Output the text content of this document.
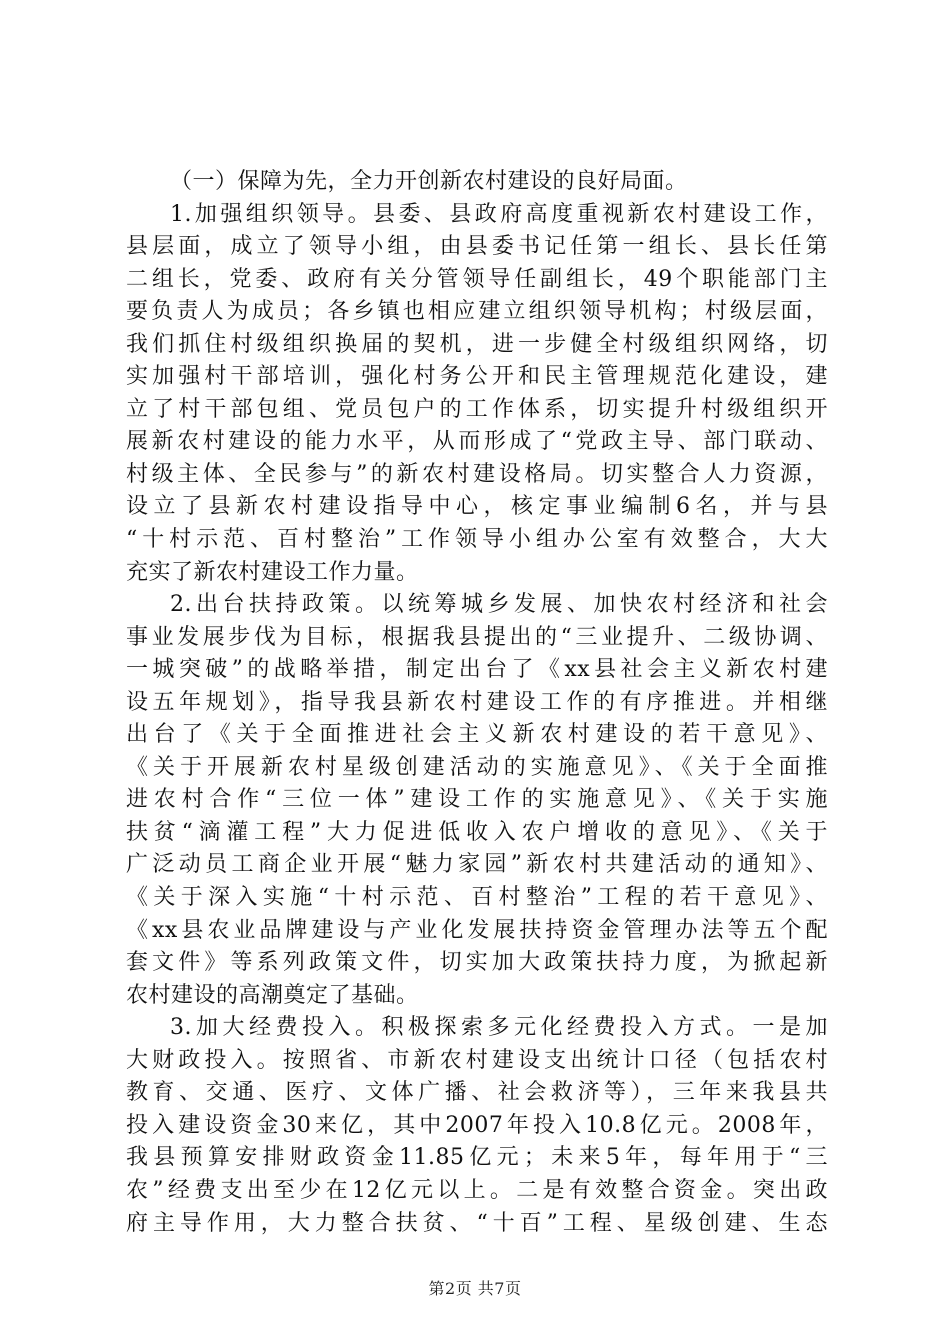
（一）保障为先，全力开创新农村建设的良好局面。
1.加强组织领导。县委、县政府高度重视新农村建设工作，
县层面，成立了领导小组，由县委书记任第一组长、县长任第
二组长，党委、政府有关分管领导任副组长，49个职能部门主
要负责人为成员；各乡镇也相应建立组织领导机构；村级层面，
我们抓住村级组织换届的契机，进一步健全村级组织网络，切
实加强村干部培训，强化村务公开和民主管理规范化建设，建
立了村干部包组、党员包户的工作体系，切实提升村级组织开
展新农村建设的能力水平，从而形成了“党政主导、部门联动、
村级主体、全民参与”的新农村建设格局。切实整合人力资源，
设立了县新农村建设指导中心，核定事业编制6名，并与县
“十村示范、百村整治”工作领导小组办公室有效整合，大大
充实了新农村建设工作力量。
2.出台扶持政策。以统筹城乡发展、加快农村经济和社会
事业发展步伐为目标，根据我县提出的“三业提升、二级协调、
一城突破”的战略举措，制定出台了《xx县社会主义新农村建
设五年规划》，指导我县新农村建设工作的有序推进。并相继
出台了《关于全面推进社会主义新农村建设的若干意见》、
《关于开展新农村星级创建活动的实施意见》、《关于全面推
进农村合作“三位一体”建设工作的实施意见》、《关于实施
扶贫“滴灌工程”大力促进低收入农户增收的意见》、《关于
广泛动员工商企业开展“魅力家园”新农村共建活动的通知》、
《关于深入实施“十村示范、百村整治”工程的若干意见》、
《xx县农业品牌建设与产业化发展扶持资金管理办法等五个配
套文件》等系列政策文件，切实加大政策扶持力度，为掀起新
农村建设的高潮奠定了基础。
3.加大经费投入。积极探索多元化经费投入方式。一是加
大财政投入。按照省、市新农村建设支出统计口径（包括农村
教育、交通、医疗、文体广播、社会救济等），三年来我县共
投入建设资金30来亿，其中2007年投入10.8亿元。2008年，
我县预算安排财政资金11.85亿元；未来5年，每年用于“三
农”经费支出至少在12亿元以上。二是有效整合资金。突出政
府主导作用，大力整合扶贫、“十百”工程、星级创建、生态
第2页 共7页
